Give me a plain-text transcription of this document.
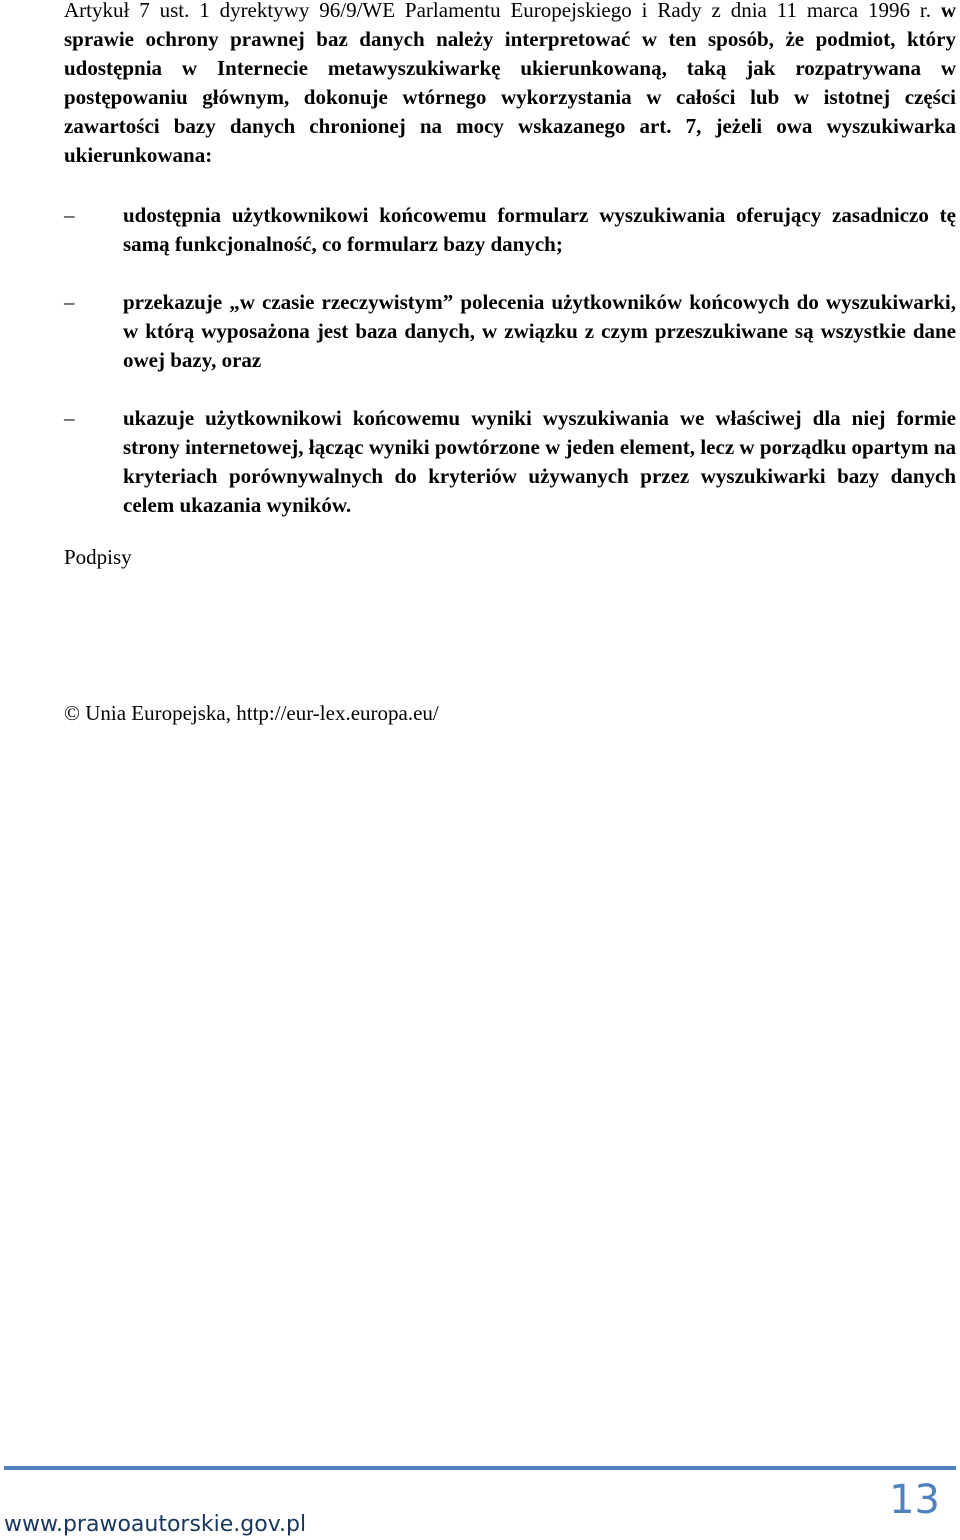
Artykuł 7 ust. 1 dyrektywy 96/9/WE Parlamentu Europejskiego i Rady z dnia 11 marca 1996 r. w sprawie ochrony prawnej baz danych należy interpretować w ten sposób, że podmiot, który udostępnia w Internecie metawyszukiwarkę ukierunkowaną, taką jak rozpatrywana w postępowaniu głównym, dokonuje wtórnego wykorzystania w całości lub w istotnej części zawartości bazy danych chronionej na mocy wskazanego art. 7, jeżeli owa wyszukiwarka ukierunkowana:
–	udostępnia użytkownikowi końcowemu formularz wyszukiwania oferujący zasadniczo tę samą funkcjonalność, co formularz bazy danych;
–	przekazuje „w czasie rzeczywistym” polecenia użytkowników końcowych do wyszukiwarki, w którą wyposażona jest baza danych, w związku z czym przeszukiwane są wszystkie dane owej bazy, oraz
–	ukazuje użytkownikowi końcowemu wyniki wyszukiwania we właściwej dla niej formie strony internetowej, łącząc wyniki powtórzone w jeden element, lecz w porządku opartym na kryteriach porównywalnych do kryteriów używanych przez wyszukiwarki bazy danych celem ukazania wyników.
Podpisy
© Unia Europejska, http://eur-lex.europa.eu/
www.prawoautorskie.gov.pl
13
